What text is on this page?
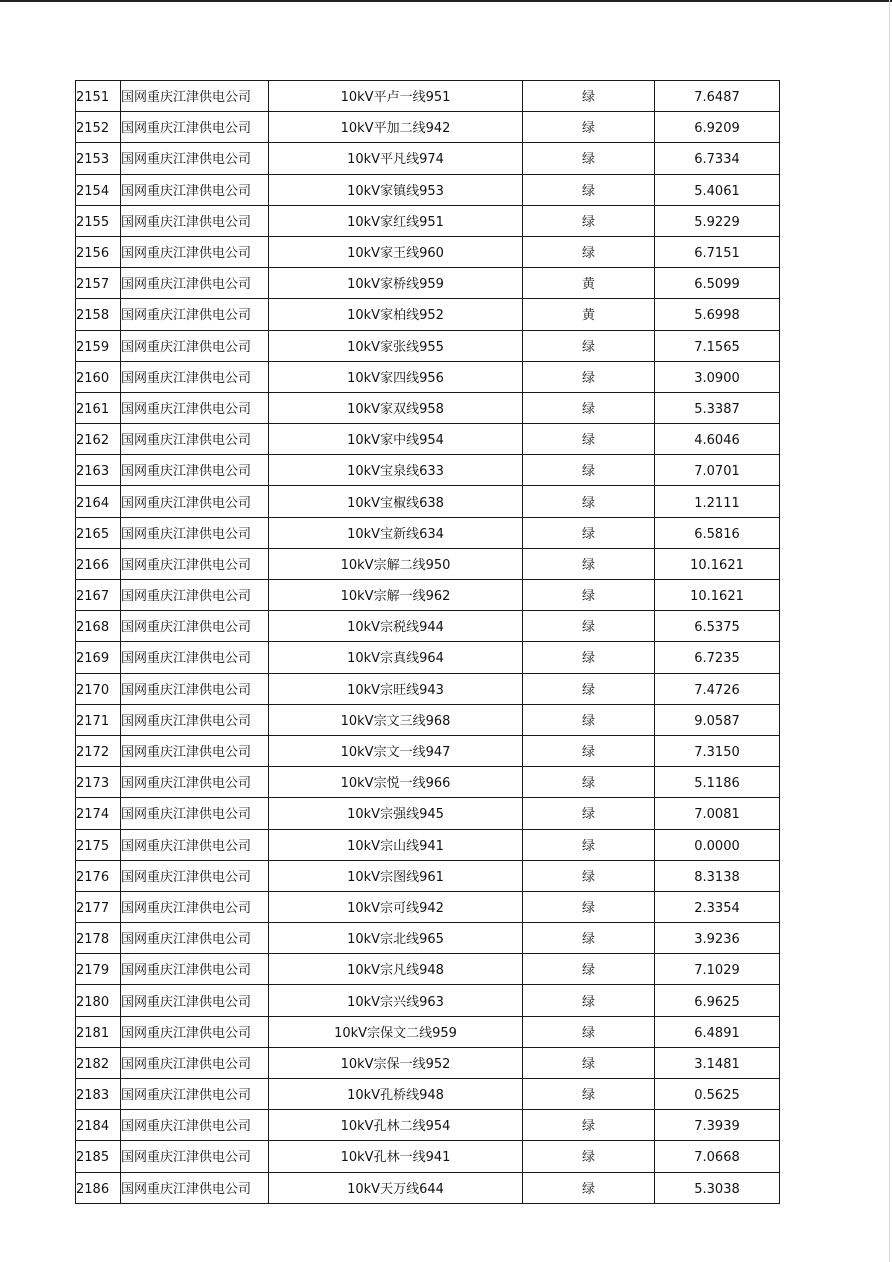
2151	国网重庆江津供电公司	10kV平卢一线951	绿	7.6487
2152	国网重庆江津供电公司	10kV平加二线942	绿	6.9209
2153	国网重庆江津供电公司	10kV平凡线974	绿	6.7334
2154	国网重庆江津供电公司	10kV家镇线953	绿	5.4061
2155	国网重庆江津供电公司	10kV家红线951	绿	5.9229
2156	国网重庆江津供电公司	10kV家王线960	绿	6.7151
2157	国网重庆江津供电公司	10kV家桥线959	黄	6.5099
2158	国网重庆江津供电公司	10kV家柏线952	黄	5.6998
2159	国网重庆江津供电公司	10kV家张线955	绿	7.1565
2160	国网重庆江津供电公司	10kV家四线956	绿	3.0900
2161	国网重庆江津供电公司	10kV家双线958	绿	5.3387
2162	国网重庆江津供电公司	10kV家中线954	绿	4.6046
2163	国网重庆江津供电公司	10kV宝泉线633	绿	7.0701
2164	国网重庆江津供电公司	10kV宝椒线638	绿	1.2111
2165	国网重庆江津供电公司	10kV宝新线634	绿	6.5816
2166	国网重庆江津供电公司	10kV宗解二线950	绿	10.1621
2167	国网重庆江津供电公司	10kV宗解一线962	绿	10.1621
2168	国网重庆江津供电公司	10kV宗税线944	绿	6.5375
2169	国网重庆江津供电公司	10kV宗真线964	绿	6.7235
2170	国网重庆江津供电公司	10kV宗旺线943	绿	7.4726
2171	国网重庆江津供电公司	10kV宗文三线968	绿	9.0587
2172	国网重庆江津供电公司	10kV宗文一线947	绿	7.3150
2173	国网重庆江津供电公司	10kV宗悦一线966	绿	5.1186
2174	国网重庆江津供电公司	10kV宗强线945	绿	7.0081
2175	国网重庆江津供电公司	10kV宗山线941	绿	0.0000
2176	国网重庆江津供电公司	10kV宗图线961	绿	8.3138
2177	国网重庆江津供电公司	10kV宗可线942	绿	2.3354
2178	国网重庆江津供电公司	10kV宗北线965	绿	3.9236
2179	国网重庆江津供电公司	10kV宗凡线948	绿	7.1029
2180	国网重庆江津供电公司	10kV宗兴线963	绿	6.9625
2181	国网重庆江津供电公司	10kV宗保文二线959	绿	6.4891
2182	国网重庆江津供电公司	10kV宗保一线952	绿	3.1481
2183	国网重庆江津供电公司	10kV孔桥线948	绿	0.5625
2184	国网重庆江津供电公司	10kV孔林二线954	绿	7.3939
2185	国网重庆江津供电公司	10kV孔林一线941	绿	7.0668
2186	国网重庆江津供电公司	10kV天万线644	绿	5.3038
